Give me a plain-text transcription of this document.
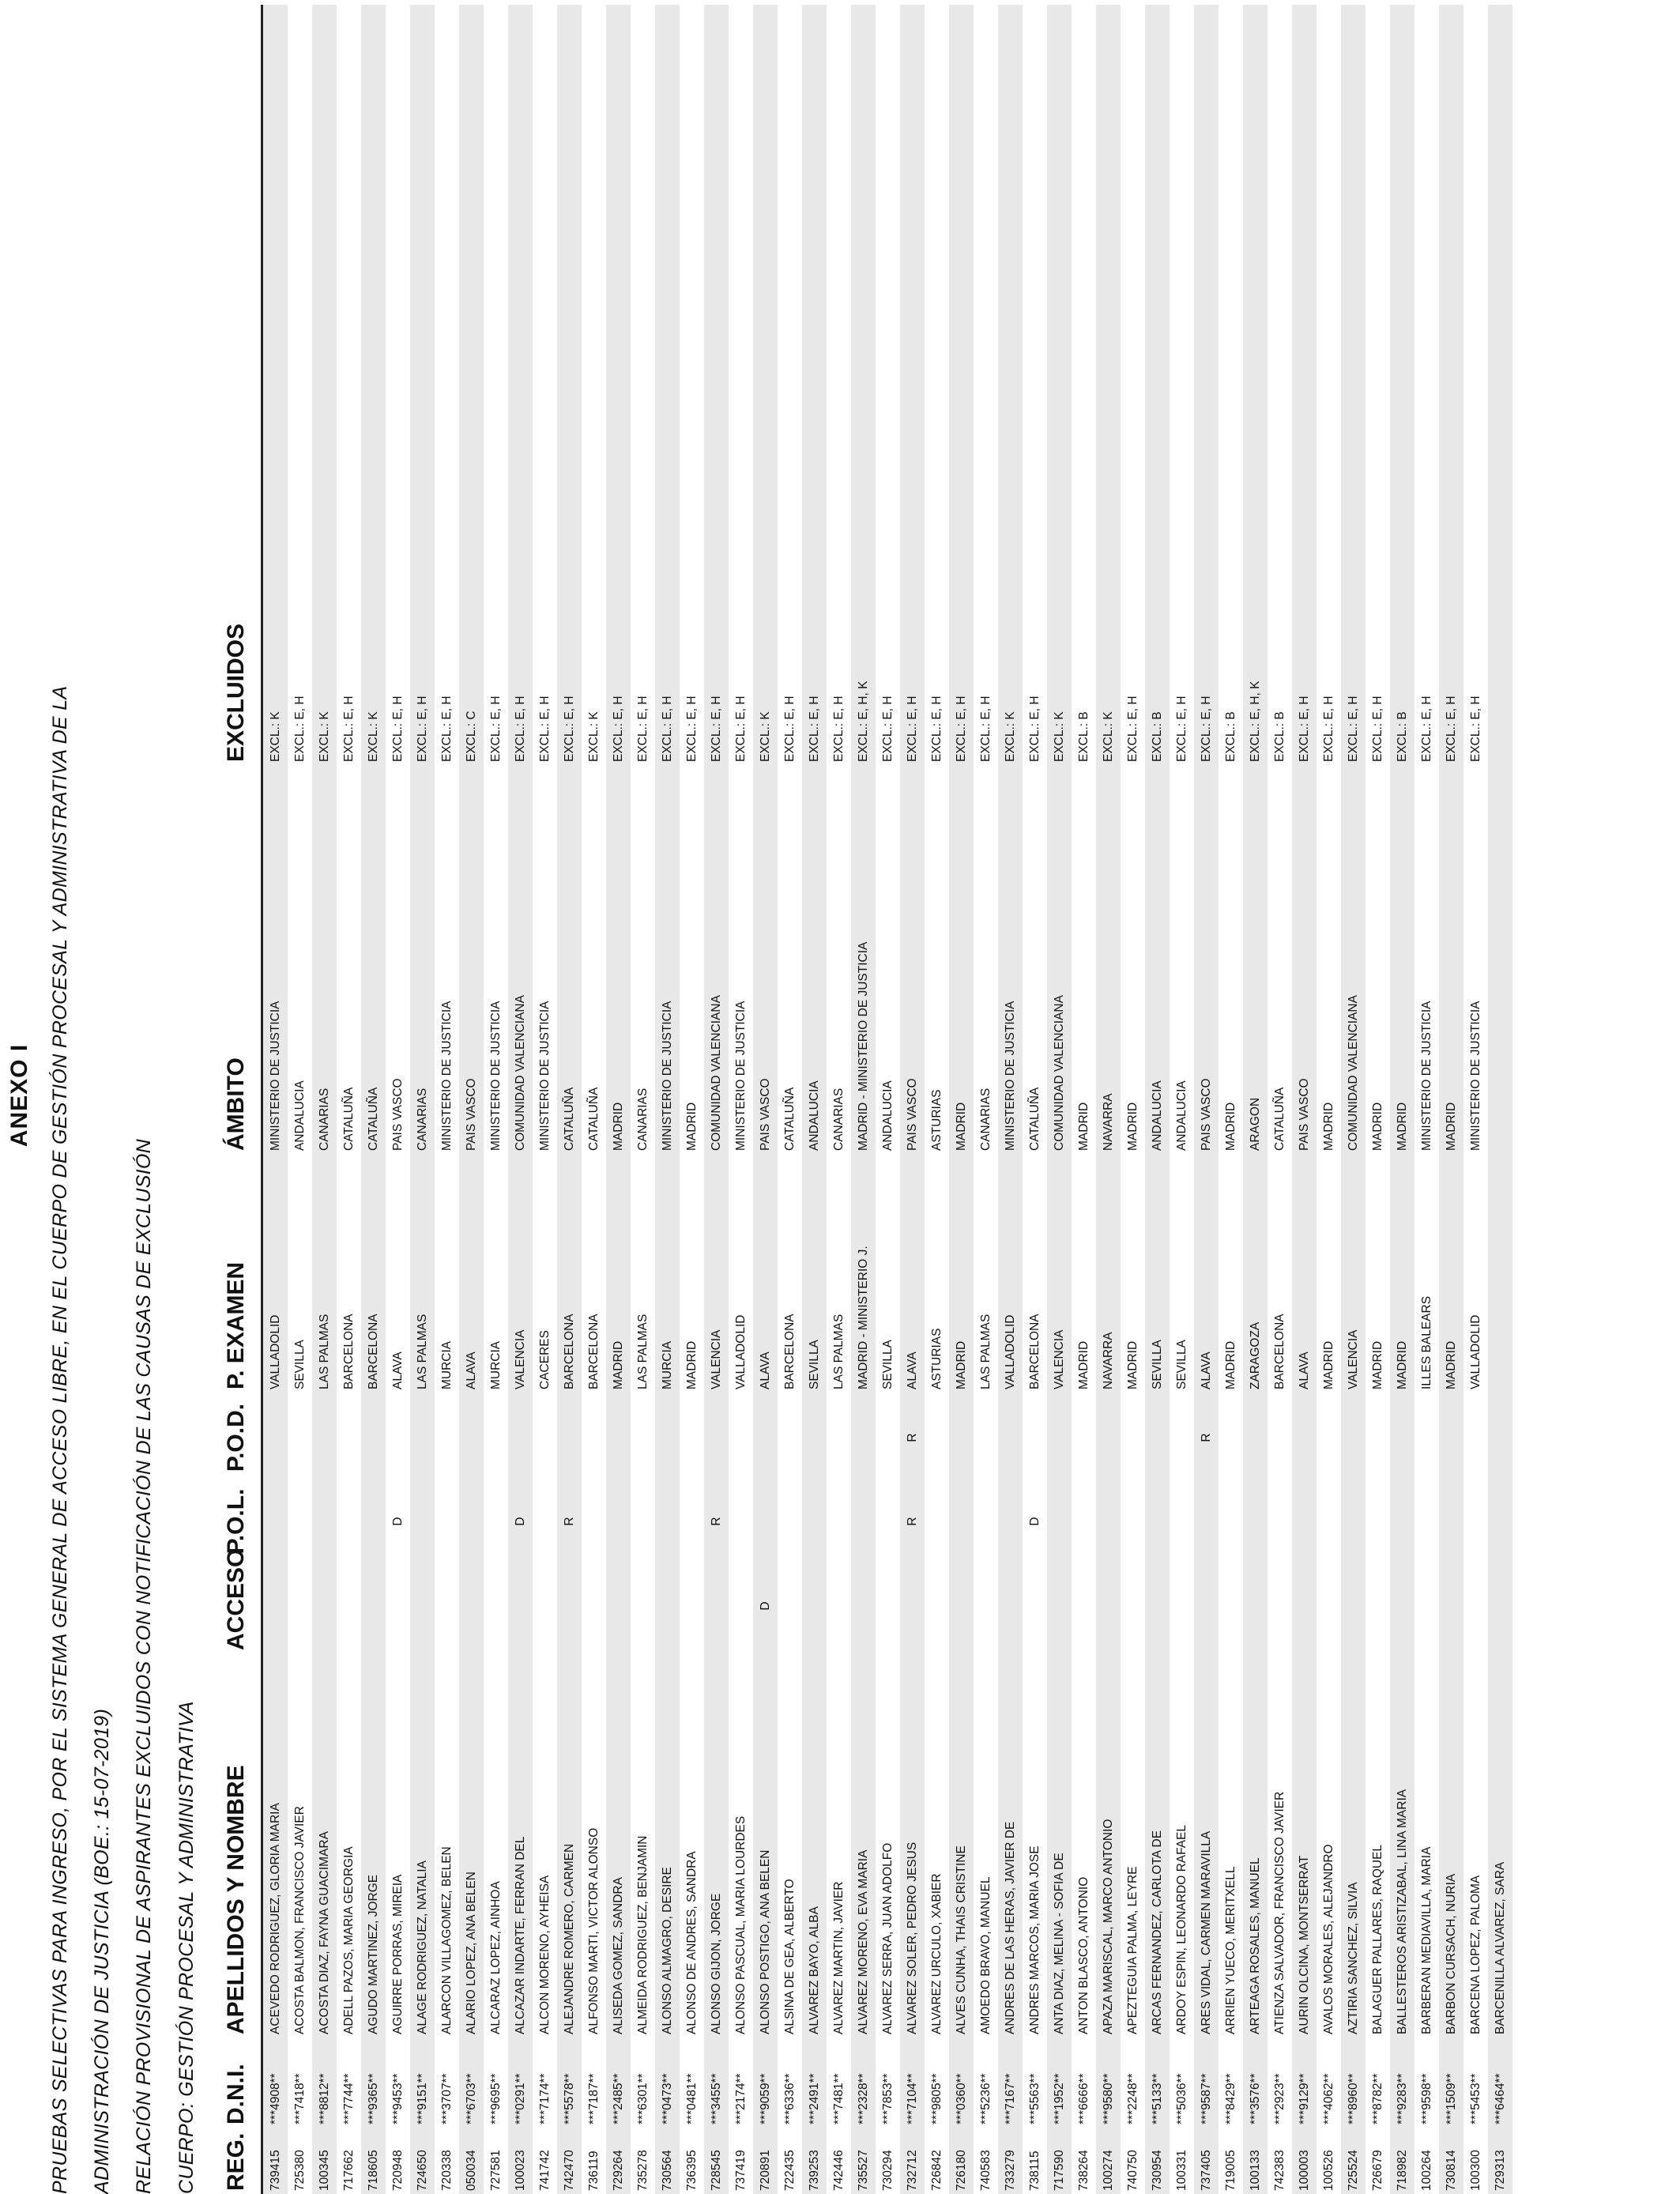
ANEXO I PRUEBAS SELECTIVAS PARA INGRESO, POR EL SISTEMA GENERAL DE ACCESO LIBRE, EN EL CUERPO DE GESTIÓN PROCESAL Y ADMINISTRATIVA DE LA ADMINISTRACIÓN DE JUSTICIA (BOE.: 15-07-2019) RELACIÓN PROVISIONAL DE ASPIRANTES EXCLUIDOS CON NOTIFICACIÓN DE LAS CAUSAS DE EXCLUSIÓN CUERPO: GESTIÓN PROCESAL Y ADMINISTRATIVA REG.	D.N.I.	APELLIDOS Y NOMBRE	ACCESO	P.O.L.	P.O.D.	P. EXAMEN	ÁMBITO	EXCLUIDOS
739415	***4908**	ACEVEDO RODRIGUEZ, GLORIA MARIA				VALLADOLID	MINISTERIO DE JUSTICIA	EXCL.: K
725380	***7418**	ACOSTA BALMON, FRANCISCO JAVIER				SEVILLA	ANDALUCIA	EXCL.: E, H
100345	***8812**	ACOSTA DIAZ, FAYNA GUACIMARA				LAS PALMAS	CANARIAS	EXCL.: K
717662	***7744**	ADELL PAZOS, MARIA GEORGIA				BARCELONA	CATALUÑA	EXCL.: E, H
718605	***9365**	AGUDO MARTINEZ, JORGE				BARCELONA	CATALUÑA	EXCL.: K
720948	***9453**	AGUIRRE PORRAS, MIREIA		D		ALAVA	PAIS VASCO	EXCL.: E, H
724650	***9151**	ALAGE RODRIGUEZ, NATALIA				LAS PALMAS	CANARIAS	EXCL.: E, H
720338	***3707**	ALARCON VILLAGOMEZ, BELEN				MURCIA	MINISTERIO DE JUSTICIA	EXCL.: E, H
050034	***6703**	ALARIO LOPEZ, ANA BELEN				ALAVA	PAIS VASCO	EXCL.: C
727581	***9695**	ALCARAZ LOPEZ, AINHOA				MURCIA	MINISTERIO DE JUSTICIA	EXCL.: E, H
100023	***0291**	ALCAZAR INDARTE, FERRAN DEL		D		VALENCIA	COMUNIDAD VALENCIANA	EXCL.: E, H
741742	***7174**	ALCON MORENO, AYHEISA				CACERES	MINISTERIO DE JUSTICIA	EXCL.: E, H
742470	***5578**	ALEJANDRE ROMERO, CARMEN		R		BARCELONA	CATALUÑA	EXCL.: E, H
736119	***7187**	ALFONSO MARTI, VICTOR ALONSO				BARCELONA	CATALUÑA	EXCL.: K
729264	***2485**	ALISEDA GOMEZ, SANDRA				MADRID	MADRID	EXCL.: E, H
735278	***6301**	ALMEIDA RODRIGUEZ, BENJAMIN				LAS PALMAS	CANARIAS	EXCL.: E, H
730564	***0473**	ALONSO ALMAGRO, DESIRE				MURCIA	MINISTERIO DE JUSTICIA	EXCL.: E, H
736395	***0481**	ALONSO DE ANDRES, SANDRA				MADRID	MADRID	EXCL.: E, H
728545	***3455**	ALONSO GIJON, JORGE		R		VALENCIA	COMUNIDAD VALENCIANA	EXCL.: E, H
737419	***2174**	ALONSO PASCUAL, MARIA LOURDES				VALLADOLID	MINISTERIO DE JUSTICIA	EXCL.: E, H
720891	***9059**	ALONSO POSTIGO, ANA BELEN	D			ALAVA	PAIS VASCO	EXCL.: K
722435	***6336**	ALSINA DE GEA, ALBERTO				BARCELONA	CATALUÑA	EXCL.: E, H
739253	***2491**	ALVAREZ BAYO, ALBA				SEVILLA	ANDALUCIA	EXCL.: E, H
742446	***7481**	ALVAREZ MARTIN, JAVIER				LAS PALMAS	CANARIAS	EXCL.: E, H
735527	***2328**	ALVAREZ MORENO, EVA MARIA				MADRID - MINISTERIO J.	MADRID - MINISTERIO DE JUSTICIA	EXCL.: E, H, K
730294	***7853**	ALVAREZ SERRA, JUAN ADOLFO				SEVILLA	ANDALUCIA	EXCL.: E, H
732712	***7104**	ALVAREZ SOLER, PEDRO JESUS		R	R	ALAVA	PAIS VASCO	EXCL.: E, H
726842	***9805**	ALVAREZ URCULO, XABIER				ASTURIAS	ASTURIAS	EXCL.: E, H
726180	***0360**	ALVES CUNHA, THAIS CRISTINE				MADRID	MADRID	EXCL.: E, H
740583	***5236**	AMOEDO BRAVO, MANUEL				LAS PALMAS	CANARIAS	EXCL.: E, H
733279	***7167**	ANDRES DE LAS HERAS, JAVIER DE				VALLADOLID	MINISTERIO DE JUSTICIA	EXCL.: K
738115	***5563**	ANDRES MARCOS, MARIA JOSE		D		BARCELONA	CATALUÑA	EXCL.: E, H
717590	***1952**	ANTA DIAZ, MELINA - SOFIA DE				VALENCIA	COMUNIDAD VALENCIANA	EXCL.: K
738264	***6666**	ANTON BLASCO, ANTONIO				MADRID	MADRID	EXCL.: B
100274	***9580**	APAZA MARISCAL, MARCO ANTONIO				NAVARRA	NAVARRA	EXCL.: K
740750	***2248**	APEZTEGUIA PALMA, LEYRE				MADRID	MADRID	EXCL.: E, H
730954	***5133**	ARCAS FERNANDEZ, CARLOTA DE				SEVILLA	ANDALUCIA	EXCL.: B
100331	***5036**	ARDOY ESPIN, LEONARDO RAFAEL				SEVILLA	ANDALUCIA	EXCL.: E, H
737405	***9587**	ARES VIDAL, CARMEN MARAVILLA			R	ALAVA	PAIS VASCO	EXCL.: E, H
719005	***8429**	ARRIEN YUECO, MERITXELL				MADRID	MADRID	EXCL.: B
100133	***3576**	ARTEAGA ROSALES, MANUEL				ZARAGOZA	ARAGON	EXCL.: E, H, K
742383	***2923**	ATIENZA SALVADOR, FRANCISCO JAVIER				BARCELONA	CATALUÑA	EXCL.: B
100003	***9129**	AURIN OLCINA, MONTSERRAT				ALAVA	PAIS VASCO	EXCL.: E, H
100526	***4062**	AVALOS MORALES, ALEJANDRO				MADRID	MADRID	EXCL.: E, H
725524	***8960**	AZTIRIA SANCHEZ, SILVIA				VALENCIA	COMUNIDAD VALENCIANA	EXCL.: E, H
726679	***8782**	BALAGUER PALLARES, RAQUEL				MADRID	MADRID	EXCL.: E, H
718982	***9283**	BALLESTEROS ARISTIZABAL, LINA MARIA				MADRID	MADRID	EXCL.: B
100264	***9598**	BARBERAN MEDIAVILLA, MARIA				ILLES BALEARS	MINISTERIO DE JUSTICIA	EXCL.: E, H
730814	***1509**	BARBON CURSACH, NURIA				MADRID	MADRID	EXCL.: E, H
100300	***5453**	BARCENA LOPEZ, PALOMA				VALLADOLID	MINISTERIO DE JUSTICIA	EXCL.: E, H
729313	***6464**	BARCENILLA ALVAREZ, SARA						
